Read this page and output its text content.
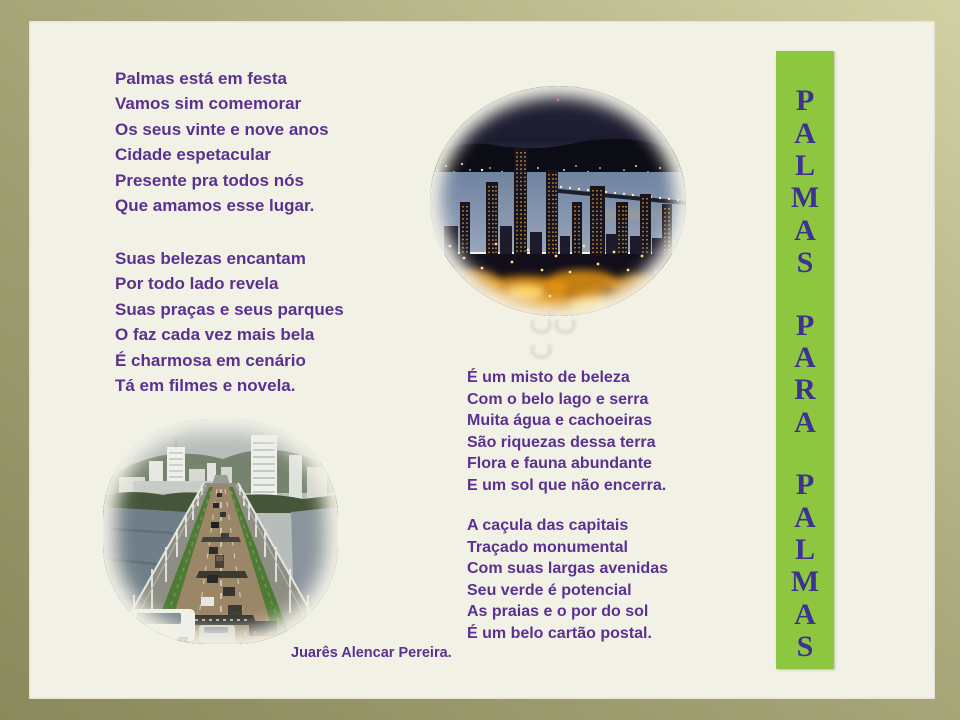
Palmas está em festa
Vamos sim comemorar
Os seus vinte e nove anos
Cidade espetacular
Presente pra todos nós
Que amamos esse lugar.
Suas belezas encantam
Por todo lado revela
Suas praças e seus parques
O faz cada vez mais bela
É charmosa em cenário
Tá em filmes e novela.	É um misto de beleza
Com o belo lago e serra
Muita água e cachoeiras
São riquezas dessa terra
Flora e fauna abundante
E um sol que não encerra.
A caçula das capitais
Traçado monumental
Com suas largas avenidas
Seu verde é potencial
As praias e o por do sol
É um belo cartão postal.
Juarês Alencar Pereira.
P
A
L
M
A
S
P
A
R
A
P
A
L
M
A
S
